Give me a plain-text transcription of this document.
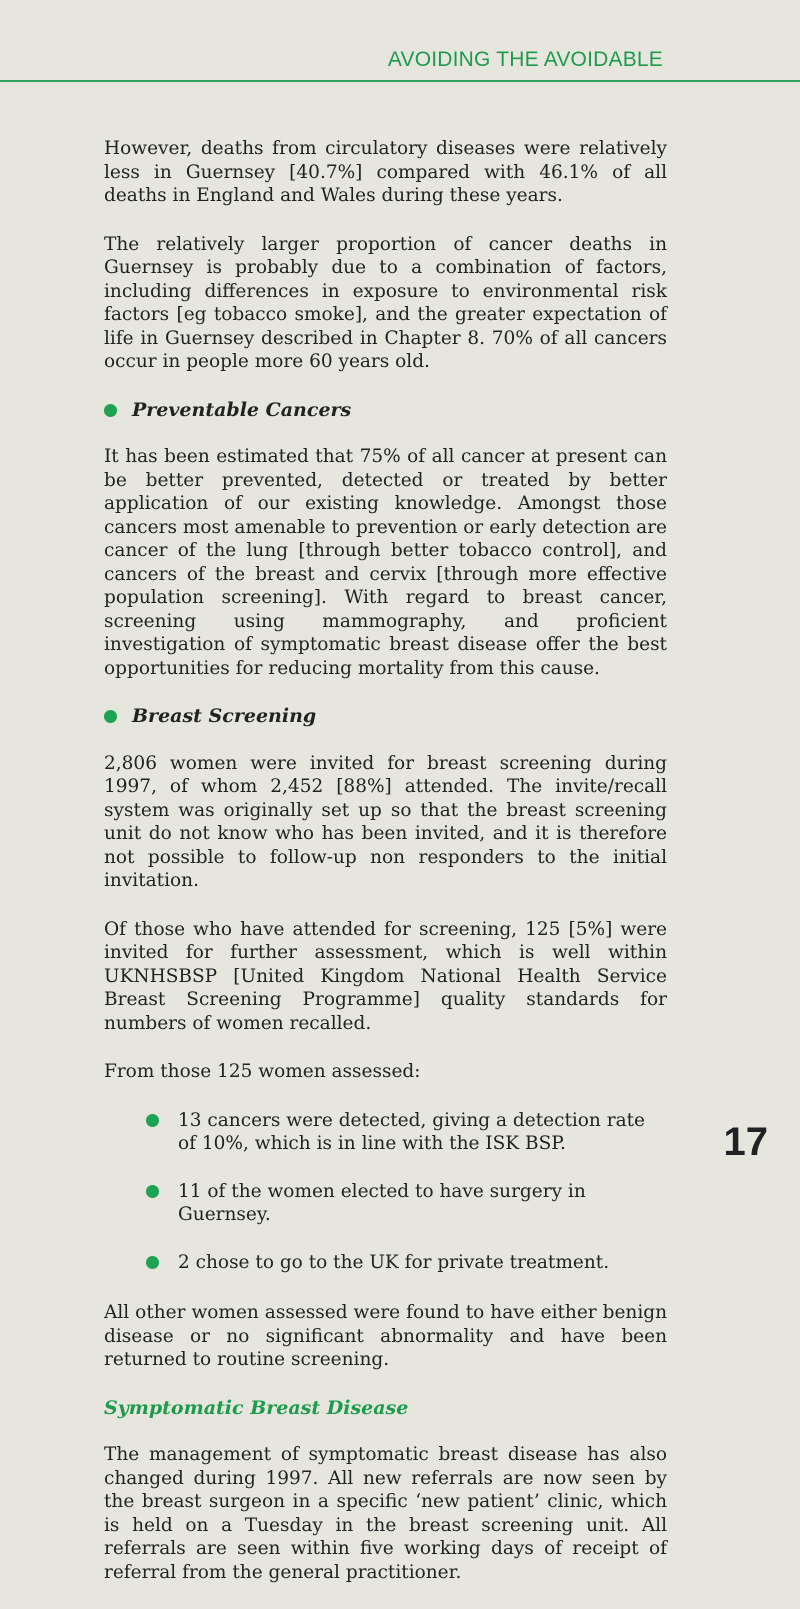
AVOIDING THE AVOIDABLE

However, deaths from circulatory diseases were relatively less in Guernsey [40.7%] compared with 46.1% of all deaths in England and Wales during these years.

The relatively larger proportion of cancer deaths in Guernsey is probably due to a combination of factors, including differences in exposure to environmental risk factors [eg tobacco smoke], and the greater expectation of life in Guernsey described in Chapter 8. 70% of all cancers occur in people more 60 years old.

Preventable Cancers

It has been estimated that 75% of all cancer at present can be better prevented, detected or treated by better application of our existing knowledge. Amongst those cancers most amenable to prevention or early detection are cancer of the lung [through better tobacco control], and cancers of the breast and cervix [through more effective population screening]. With regard to breast cancer, screening using mammography, and proficient investigation of symptomatic breast disease offer the best opportunities for reducing mortality from this cause.

Breast Screening

2,806 women were invited for breast screening during 1997, of whom 2,452 [88%] attended. The invite/recall system was originally set up so that the breast screening unit do not know who has been invited, and it is therefore not possible to follow-up non responders to the initial invitation.

Of those who have attended for screening, 125 [5%] were invited for further assessment, which is well within UKNHSBSP [United Kingdom National Health Service Breast Screening Programme] quality standards for numbers of women recalled.

From those 125 women assessed:

13 cancers were detected, giving a detection rate of 10%, which is in line with the ISK BSP.
11 of the women elected to have surgery in Guernsey.
2 chose to go to the UK for private treatment.

All other women assessed were found to have either benign disease or no significant abnormality and have been returned to routine screening.

Symptomatic Breast Disease

The management of symptomatic breast disease has also changed during 1997. All new referrals are now seen by the breast surgeon in a specific ‘new patient’ clinic, which is held on a Tuesday in the breast screening unit. All referrals are seen within five working days of receipt of referral from the general practitioner.

17
